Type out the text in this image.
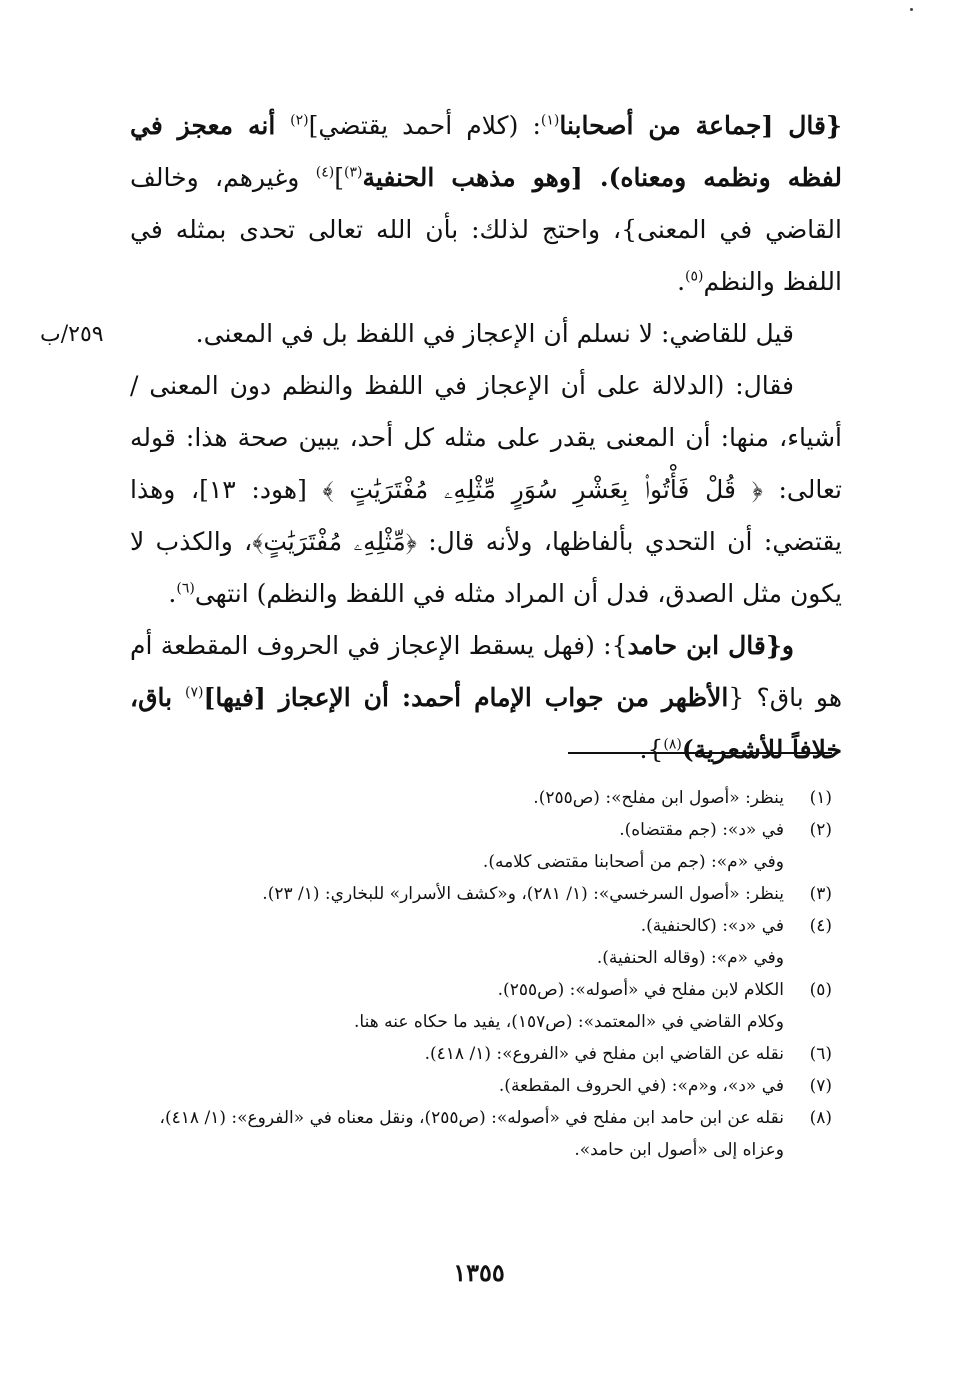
٢٥٩/ب

{قال [جماعة من أصحابنا$^{(١)}$: (كلام أحمد يقتضي]$^{(٢)}$ أنه معجز في لفظه ونظمه ومعناه). [وهو مذهب الحنفية$^{(٣)}$]$^{(٤)}$ وغيرهم، وخالف القاضي في المعنى}، واحتج لذلك: بأن الله تعالى تحدى بمثله في اللفظ والنظم$^{(٥)}$.

قيل للقاضي: لا نسلم أن الإعجاز في اللفظ بل في المعنى.

فقال: (الدلالة على أن الإعجاز في اللفظ والنظم دون المعنى / أشياء، منها: أن المعنى يقدر على مثله كل أحد، يبين صحة هذا: قوله تعالى: ﴿ قُلْ فَأْتُوا۟ بِعَشْرِ سُوَرٍ مِّثْلِهِۦ مُفْتَرَيَٰتٍ ﴾ [هود: ١٣]، وهذا يقتضي: أن التحدي بألفاظها، ولأنه قال: ﴿مِّثْلِهِۦ مُفْتَرَيَٰتٍ﴾، والكذب لا يكون مثل الصدق، فدل أن المراد مثله في اللفظ والنظم) انتهى$^{(٦)}$.

و{قال ابن حامد}: (فهل يسقط الإعجاز في الحروف المقطعة أم هو باق؟ {الأظهر من جواب الإمام أحمد: أن الإعجاز [فيها]$^{(٧)}$ باق، خلافاً للأشعرية)$^{(٨)}$}.

(١)
ينظر: «أصول ابن مفلح»: (ص٢٥٥).
(٢)
في «د»: (جم مقتضاه).
وفي «م»: (جم من أصحابنا مقتضى كلامه).
(٣)
ينظر: «أصول السرخسي»: (١/ ٢٨١)، و«كشف الأسرار» للبخاري: (١/ ٢٣).
(٤)
في «د»: (كالحنفية).
وفي «م»: (وقاله الحنفية).
(٥)
الكلام لابن مفلح في «أصوله»: (ص٢٥٥).
وكلام القاضي في «المعتمد»: (ص١٥٧)، يفيد ما حكاه عنه هنا.
(٦)
نقله عن القاضي ابن مفلح في «الفروع»: (١/ ٤١٨).
(٧)
في «د»، و«م»: (في الحروف المقطعة).
(٨)
نقله عن ابن حامد ابن مفلح في «أصوله»: (ص٢٥٥)، ونقل معناه في «الفروع»: (١/ ٤١٨)، وعزاه إلى «أصول ابن حامد».
١٣٥٥
